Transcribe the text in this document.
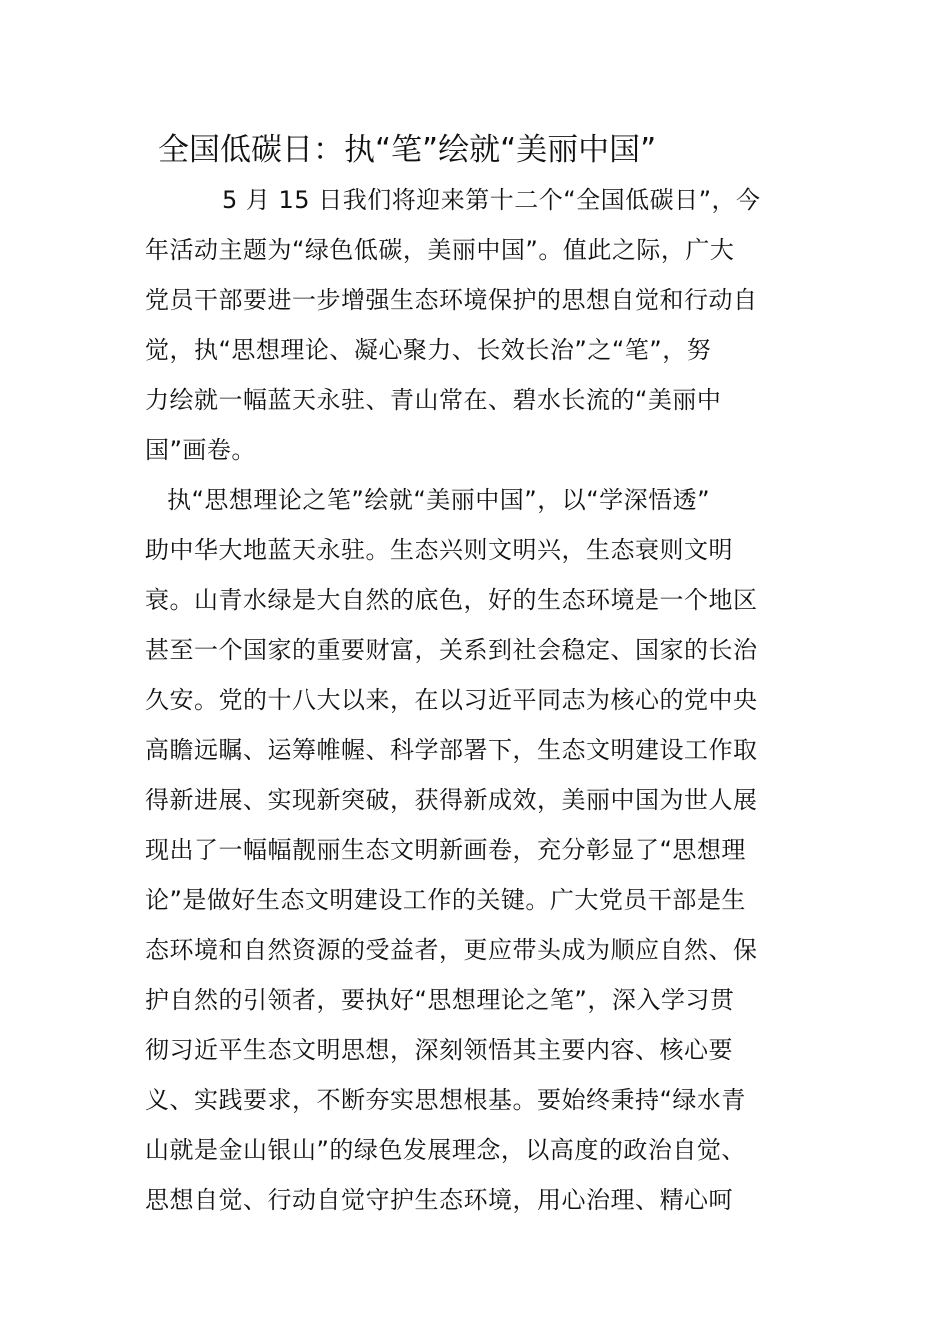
全国低碳日：执“笔”绘就“美丽中国”
5 月 15 日我们将迎来第十二个“全国低碳日”，今
年活动主题为“绿色低碳，美丽中国”。值此之际，广大
党员干部要进一步增强生态环境保护的思想自觉和行动自
觉，执“思想理论、凝心聚力、长效长治”之“笔”，努
力绘就一幅蓝天永驻、青山常在、碧水长流的“美丽中
国”画卷。
执“思想理论之笔”绘就“美丽中国”，以“学深悟透”
助中华大地蓝天永驻。生态兴则文明兴，生态衰则文明
衰。山青水绿是大自然的底色，好的生态环境是一个地区
甚至一个国家的重要财富，关系到社会稳定、国家的长治
久安。党的十八大以来，在以习近平同志为核心的党中央
高瞻远瞩、运筹帷幄、科学部署下，生态文明建设工作取
得新进展、实现新突破，获得新成效，美丽中国为世人展
现出了一幅幅靓丽生态文明新画卷，充分彰显了“思想理
论”是做好生态文明建设工作的关键。广大党员干部是生
态环境和自然资源的受益者，更应带头成为顺应自然、保
护自然的引领者，要执好“思想理论之笔”，深入学习贯
彻习近平生态文明思想，深刻领悟其主要内容、核心要
义、实践要求，不断夯实思想根基。要始终秉持“绿水青
山就是金山银山”的绿色发展理念，以高度的政治自觉、
思想自觉、行动自觉守护生态环境，用心治理、精心呵
